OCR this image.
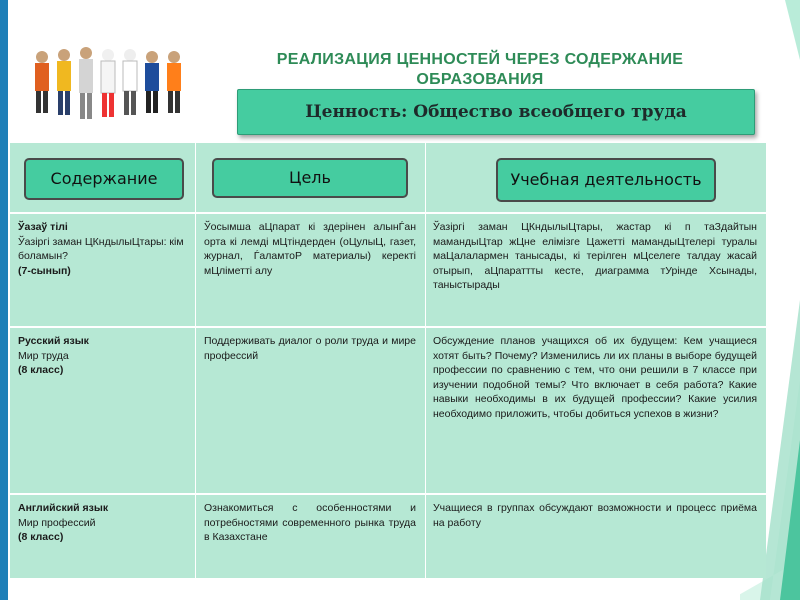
РЕАЛИЗАЦИЯ ЦЕННОСТЕЙ ЧЕРЕЗ СОДЕРЖАНИЕ ОБРАЗОВАНИЯ
Ценность: Общество всеобщего труда
Содержание	Цель	Учебная деятельность
Ўазаў тілі
Ўазіргі заман ЦКндылыЦтары: кім боламын?
(7-сынып)
Ўосымша аЦпарат кі здерінен алынЃан орта кі лемді мЦтіндерден (оЦулыЦ, газет, журнал, ЃаламтоР материалы) керекті мЦліметті алу
Ўазіргі заман ЦКндылыЦтары, жастар кі п таЗдайтын мамандыЦтар жЦне елімізге Цажетті мамандыЦтелері туралы маЦалалармен танысады, кі терілген мЦселеге талдау жасай отырып, аЦпараттты кесте, диаграмма тУрінде Хсынады, таныстырады
Русский язык
Мир труда
(8 класс)
Поддерживать диалог о роли труда и мире профессий
Обсуждение планов учащихся об их будущем: Кем учащиеся хотят быть? Почему? Изменились ли их планы в выборе будущей профессии по сравнению с тем, что они решили в 7 классе при изучении подобной темы? Что включает в себя работа? Какие навыки необходимы в их будущей профессии? Какие усилия необходимо приложить, чтобы добиться успехов в жизни?
Английский язык
Мир профессий
(8 класс)
Ознакомиться с особенностями и потребностями современного рынка труда в Казахстане
Учащиеся в группах обсуждают возможности и процесс приёма на работу
